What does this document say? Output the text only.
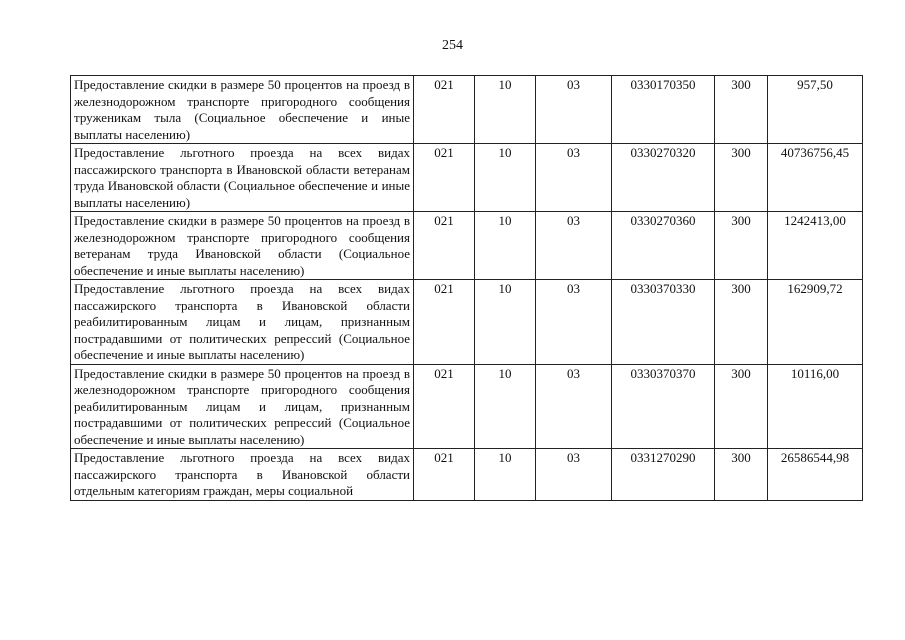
254
Предоставление скидки в размере 50 процентов на проезд в железнодорожном транспорте пригородного сообщения труженикам тыла (Социальное обеспечение и иные выплаты населению)	021	10	03	0330170350	300	957,50
Предоставление льготного проезда на всех видах пассажирского транспорта в Ивановской области ветеранам труда Ивановской области (Социальное обеспечение и иные выплаты населению)	021	10	03	0330270320	300	40736756,45
Предоставление скидки в размере 50 процентов на проезд в железнодорожном транспорте пригородного сообщения ветеранам труда Ивановской области (Социальное обеспечение и иные выплаты населению)	021	10	03	0330270360	300	1242413,00
Предоставление льготного проезда на всех видах пассажирского транспорта в Ивановской области реабилитированным лицам и лицам, признанным пострадавшими от политических репрессий (Социальное обеспечение и иные выплаты населению)	021	10	03	0330370330	300	162909,72
Предоставление скидки в размере 50 процентов на проезд в железнодорожном транспорте пригородного сообщения реабилитированным лицам и лицам, признанным пострадавшими от политических репрессий (Социальное обеспечение и иные выплаты населению)	021	10	03	0330370370	300	10116,00
Предоставление льготного проезда на всех видах пассажирского транспорта в Ивановской области отдельным категориям граждан, меры социальной	021	10	03	0331270290	300	26586544,98
